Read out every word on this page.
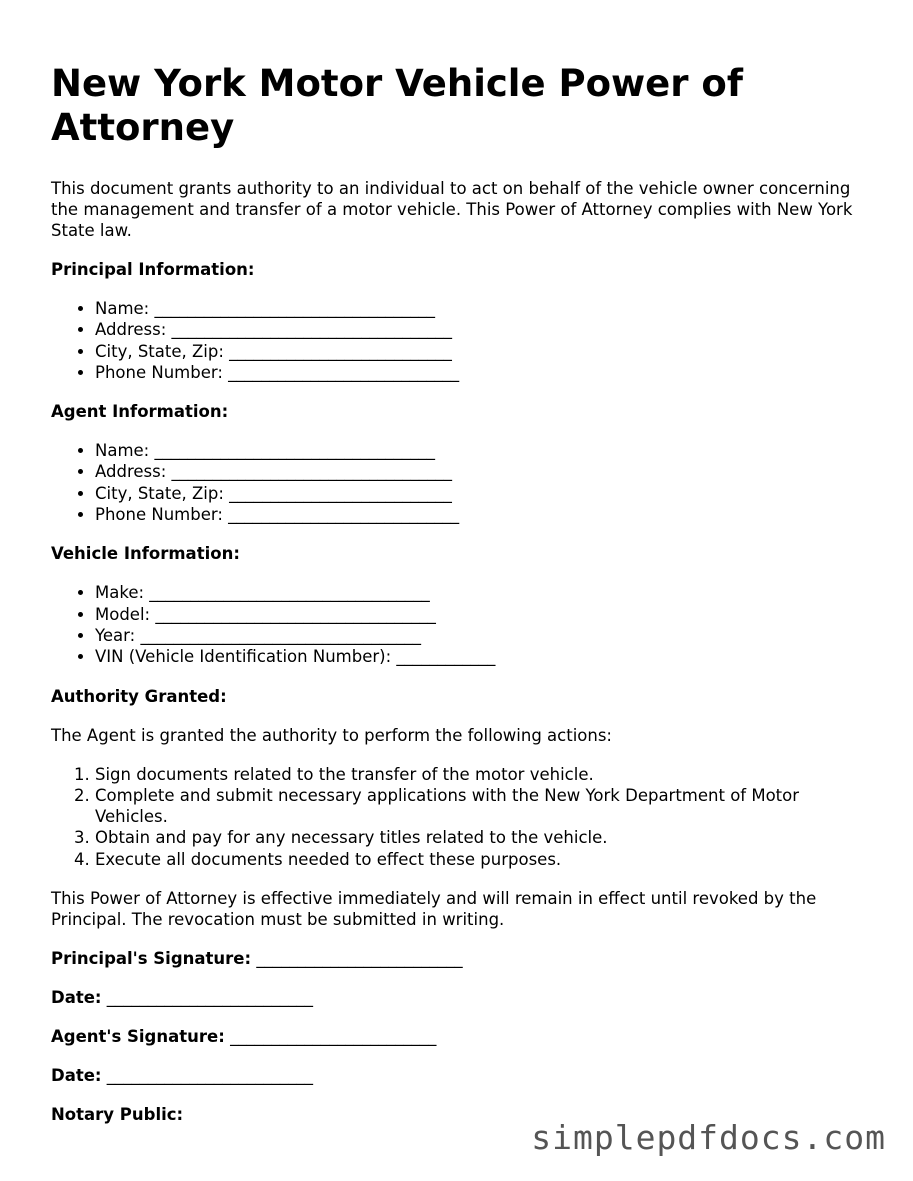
New York Motor Vehicle Power of Attorney

This document grants authority to an individual to act on behalf of the vehicle owner concerning the management and transfer of a motor vehicle. This Power of Attorney complies with New York State law.

Principal Information:

• Name: __________________________________
• Address: __________________________________
• City, State, Zip: ___________________________
• Phone Number: ____________________________

Agent Information:

• Name: __________________________________
• Address: __________________________________
• City, State, Zip: ___________________________
• Phone Number: ____________________________

Vehicle Information:

• Make: __________________________________
• Model: __________________________________
• Year: __________________________________
• VIN (Vehicle Identification Number): ____________

Authority Granted:

The Agent is granted the authority to perform the following actions:

1. Sign documents related to the transfer of the motor vehicle.
2. Complete and submit necessary applications with the New York Department of Motor Vehicles.
3. Obtain and pay for any necessary titles related to the vehicle.
4. Execute all documents needed to effect these purposes.

This Power of Attorney is effective immediately and will remain in effect until revoked by the Principal. The revocation must be submitted in writing.

Principal's Signature: _________________________

Date: _________________________

Agent's Signature: _________________________

Date: _________________________

Notary Public:

simplepdfdocs.com
